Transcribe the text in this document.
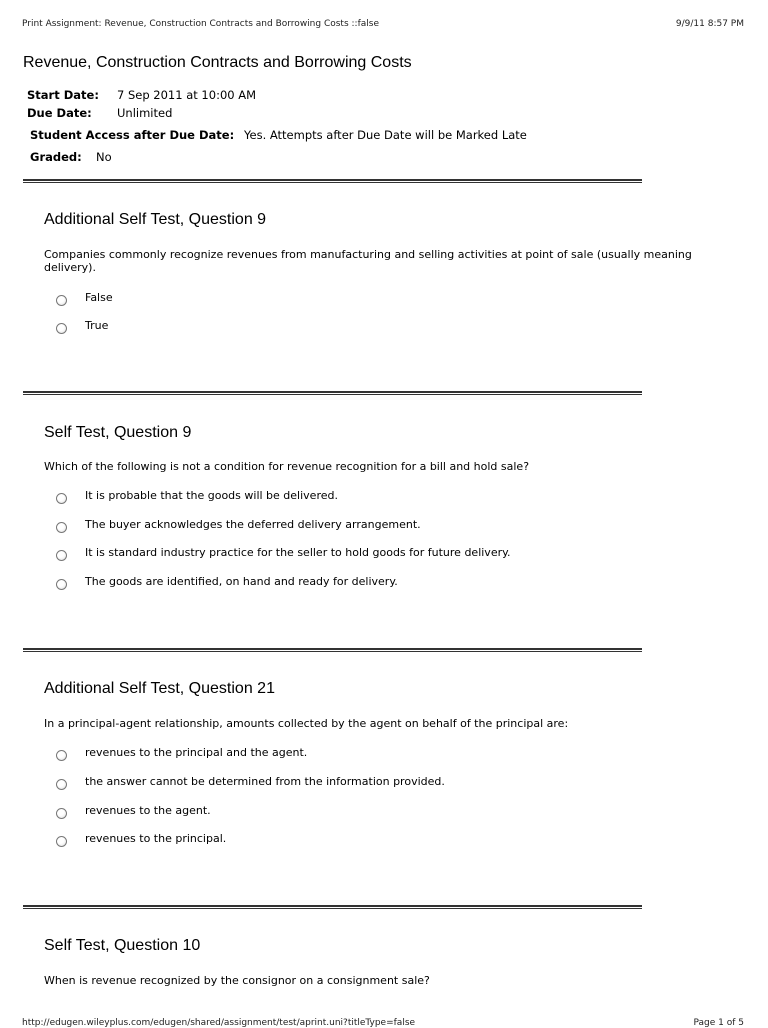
Print Assignment: Revenue, Construction Contracts and Borrowing Costs ::false	9/9/11 8:57 PM
Revenue, Construction Contracts and Borrowing Costs
Start Date: 7 Sep 2011 at 10:00 AM
Due Date: Unlimited
Student Access after Due Date: Yes. Attempts after Due Date will be Marked Late
Graded: No
Additional Self Test, Question 9

Companies commonly recognize revenues from manufacturing and selling activities at point of sale (usually meaning delivery).

False
True
Self Test, Question 9

Which of the following is not a condition for revenue recognition for a bill and hold sale?

It is probable that the goods will be delivered.
The buyer acknowledges the deferred delivery arrangement.
It is standard industry practice for the seller to hold goods for future delivery.
The goods are identified, on hand and ready for delivery.
Additional Self Test, Question 21

In a principal-agent relationship, amounts collected by the agent on behalf of the principal are:

revenues to the principal and the agent.
the answer cannot be determined from the information provided.
revenues to the agent.
revenues to the principal.
Self Test, Question 10

When is revenue recognized by the consignor on a consignment sale?

http://edugen.wileyplus.com/edugen/shared/assignment/test/aprint.uni?titleType=false	Page 1 of 5
